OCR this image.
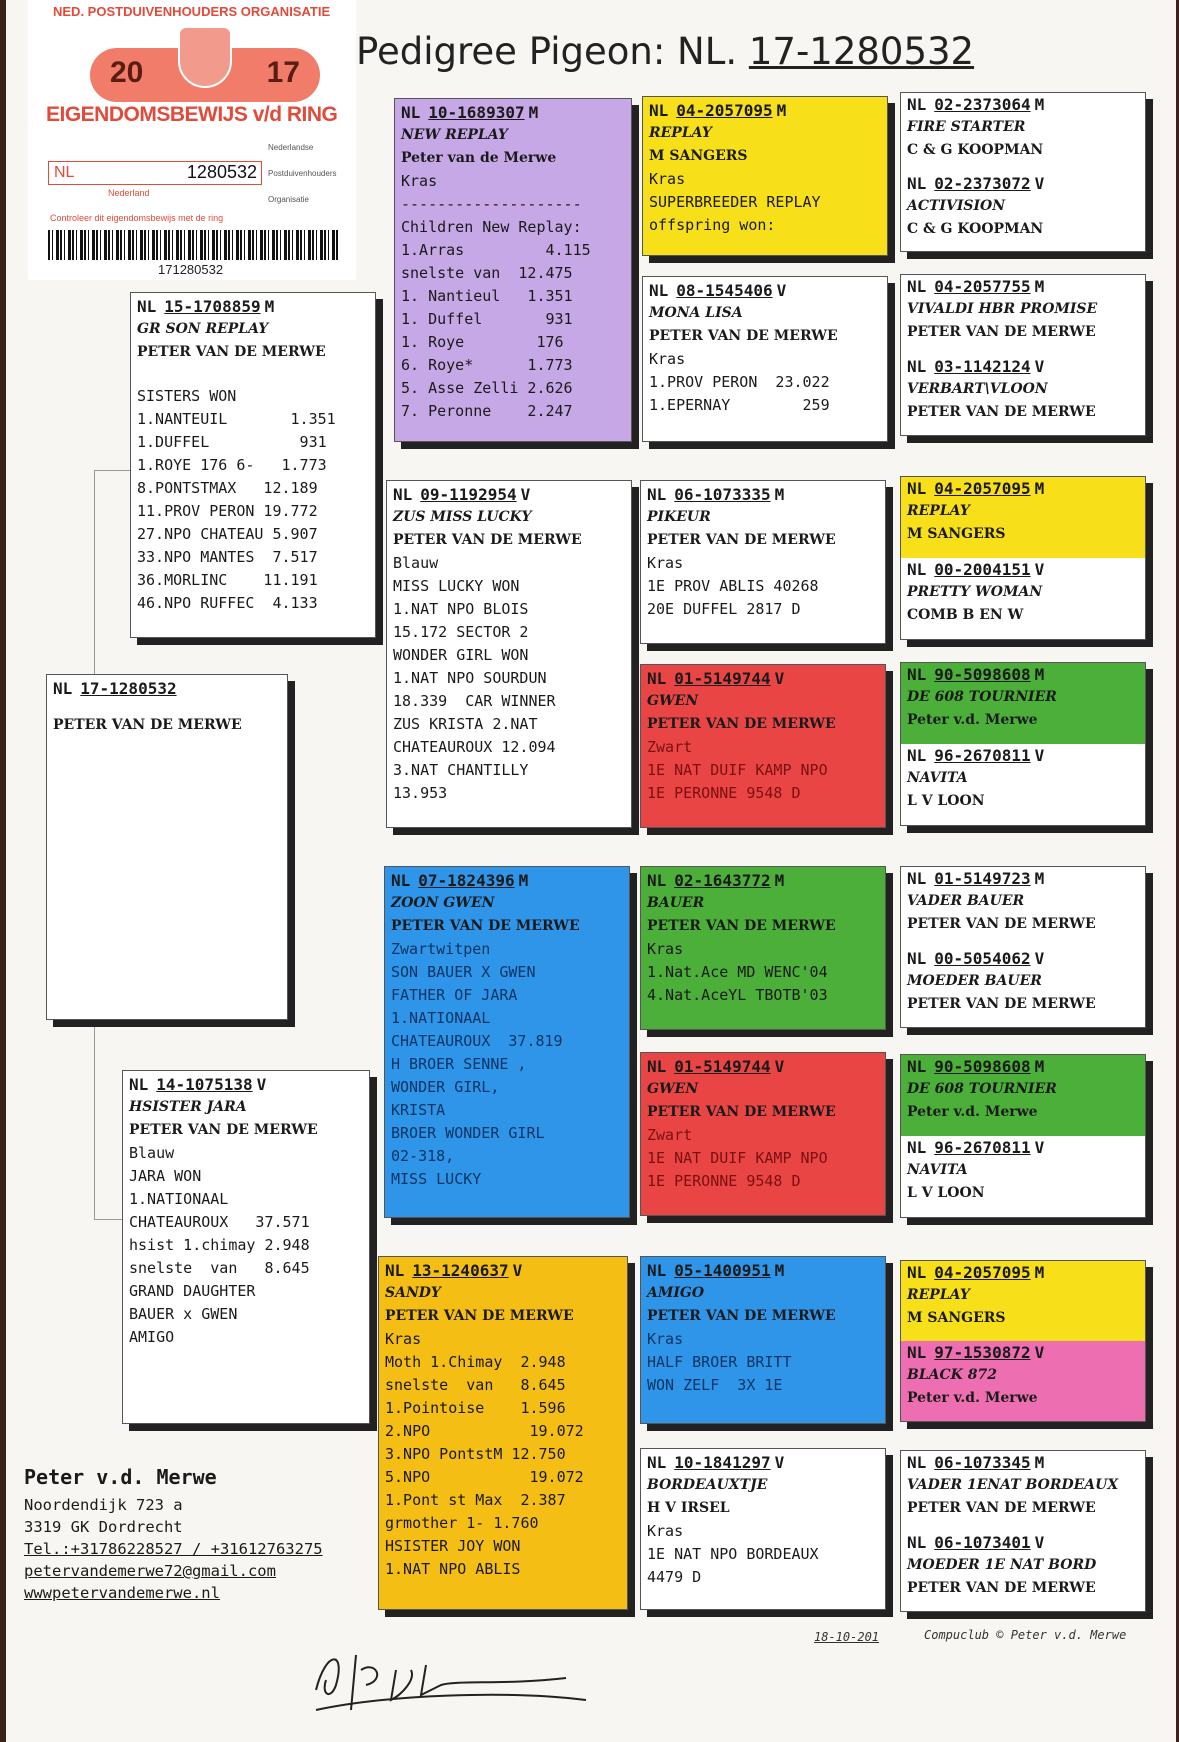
NED. POSTDUIVENHOUDERS ORGANISATIE
20	17
EIGENDOMSBEWIJS v/d RING
NL	1280532
Nederlandse
Postduivenhouders
Organisatie
Nederland
Controleer dit eigendomsbewijs met de ring
171280532
Pedigree Pigeon: NL. 17-1280532
NL 15-1708859 M
GR SON REPLAY
PETER VAN DE MERWE
SISTERS WON
1.NANTEUIL       1.351
1.DUFFEL          931
1.ROYE 176 6-   1.773
8.PONTSTMAX   12.189
11.PROV PERON 19.772
27.NPO CHATEAU 5.907
33.NPO MANTES  7.517
36.MORLINC    11.191
46.NPO RUFFEC  4.133
NL 17-1280532
PETER VAN DE MERWE
NL 14-1075138 V
HSISTER JARA
PETER VAN DE MERWE
Blauw
JARA WON
1.NATIONAAL
CHATEAUROUX   37.571
hsist 1.chimay 2.948
snelste  van   8.645
GRAND DAUGHTER
BAUER x GWEN
AMIGO
NL 10-1689307 M
NEW REPLAY
Peter van de Merwe
Kras
--------------------
Children New Replay:
1.Arras         4.115
snelste van  12.475
1. Nantieul   1.351
1. Duffel       931
1. Roye        176
6. Roye*      1.773
5. Asse Zelli 2.626
7. Peronne    2.247
NL 09-1192954 V
ZUS MISS LUCKY
PETER VAN DE MERWE
Blauw
MISS LUCKY WON
1.NAT NPO BLOIS
15.172 SECTOR 2
WONDER GIRL WON
1.NAT NPO SOURDUN
18.339  CAR WINNER
ZUS KRISTA 2.NAT
CHATEAUROUX 12.094
3.NAT CHANTILLY
13.953
NL 07-1824396 M
ZOON GWEN
PETER VAN DE MERWE
Zwartwitpen
SON BAUER X GWEN
FATHER OF JARA
1.NATIONAAL
CHATEAUROUX  37.819
H BROER SENNE ,
WONDER GIRL,
KRISTA
BROER WONDER GIRL
02-318,
MISS LUCKY
NL 13-1240637 V
SANDY
PETER VAN DE MERWE
Kras
Moth 1.Chimay  2.948
snelste  van   8.645
1.Pointoise    1.596
2.NPO           19.072
3.NPO PontstM 12.750
5.NPO           19.072
1.Pont st Max  2.387
grmother 1- 1.760
HSISTER JOY WON
1.NAT NPO ABLIS
NL 04-2057095 M
REPLAY
M SANGERS
Kras
SUPERBREEDER REPLAY
offspring won:
NL 08-1545406 V
MONA LISA
PETER VAN DE MERWE
Kras
1.PROV PERON  23.022
1.EPERNAY        259
NL 06-1073335 M
PIKEUR
PETER VAN DE MERWE
Kras
1E PROV ABLIS 40268
20E DUFFEL 2817 D
NL 01-5149744 V
GWEN
PETER VAN DE MERWE
Zwart
1E NAT DUIF KAMP NPO
1E PERONNE 9548 D
NL 02-1643772 M
BAUER
PETER VAN DE MERWE
Kras
1.Nat.Ace MD WENC'04
4.Nat.AceYL TBOTB'03
NL 01-5149744 V
GWEN
PETER VAN DE MERWE
Zwart
1E NAT DUIF KAMP NPO
1E PERONNE 9548 D
NL 05-1400951 M
AMIGO
PETER VAN DE MERWE
Kras
HALF BROER BRITT
WON ZELF  3X 1E
NL 10-1841297 V
BORDEAUXTJE
H V IRSEL
Kras
1E NAT NPO BORDEAUX
4479 D
NL 02-2373064 M
FIRE STARTER
C & G KOOPMAN
NL 02-2373072 V
ACTIVISION
C & G KOOPMAN
NL 04-2057755 M
VIVALDI HBR PROMISE
PETER VAN DE MERWE
NL 03-1142124 V
VERBART\VLOON
PETER VAN DE MERWE
NL 04-2057095 M
REPLAY
M SANGERS
NL 00-2004151 V
PRETTY WOMAN
COMB B EN W
NL 90-5098608 M
DE 608 TOURNIER
Peter v.d. Merwe
NL 96-2670811 V
NAVITA
L V LOON
NL 01-5149723 M
VADER BAUER
PETER VAN DE MERWE
NL 00-5054062 V
MOEDER BAUER
PETER VAN DE MERWE
NL 90-5098608 M
DE 608 TOURNIER
Peter v.d. Merwe
NL 96-2670811 V
NAVITA
L V LOON
NL 04-2057095 M
REPLAY
M SANGERS
NL 97-1530872 V
BLACK 872
Peter v.d. Merwe
NL 06-1073345 M
VADER 1ENAT BORDEAUX
PETER VAN DE MERWE
NL 06-1073401 V
MOEDER 1E NAT BORD
PETER VAN DE MERWE
Peter v.d. Merwe
Noordendijk 723 a
3319 GK Dordrecht
Tel.:+31786228527 / +31612763275
petervandemerwe72@gmail.com
wwwpetervandemerwe.nl
18-10-201	Compuclub © Peter v.d. Merwe
